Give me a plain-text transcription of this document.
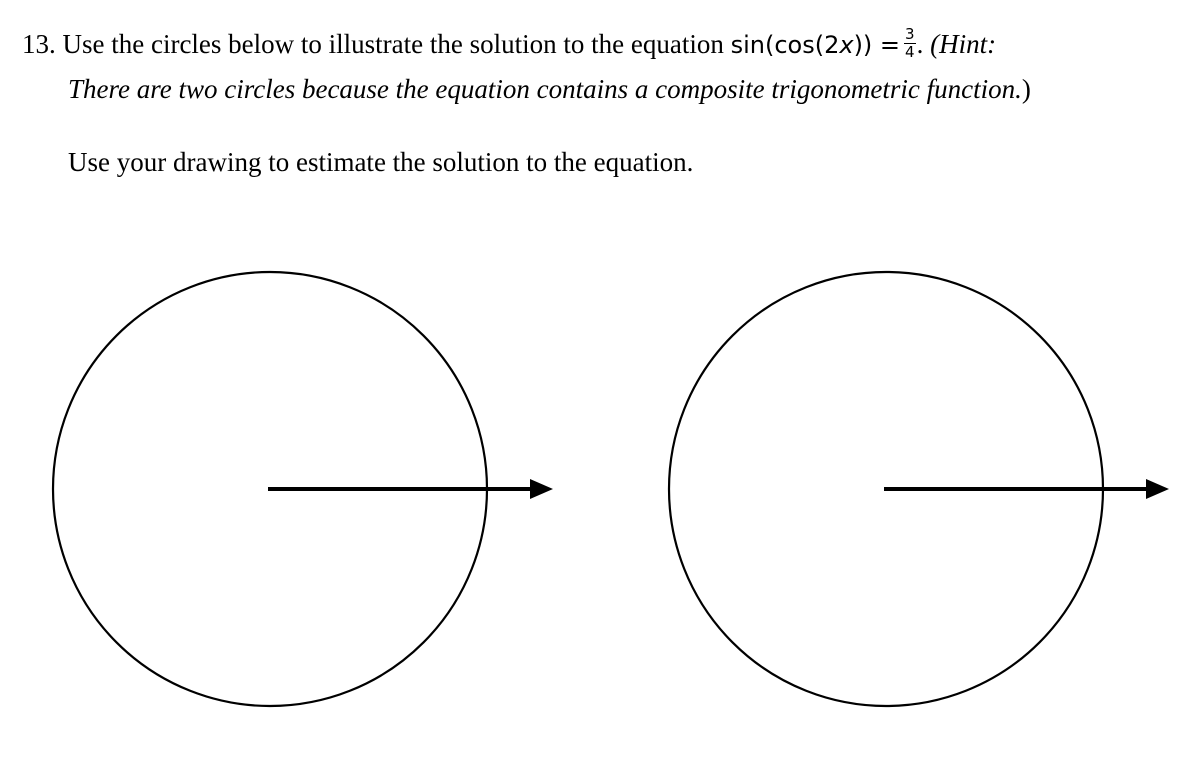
13. Use the circles below to illustrate the solution to the equation $\sin(\cos(2x)) = \frac{3}{4}$ . (Hint:
There are two circles because the equation contains a composite trigonometric function.)
Use your drawing to estimate the solution to the equation.
